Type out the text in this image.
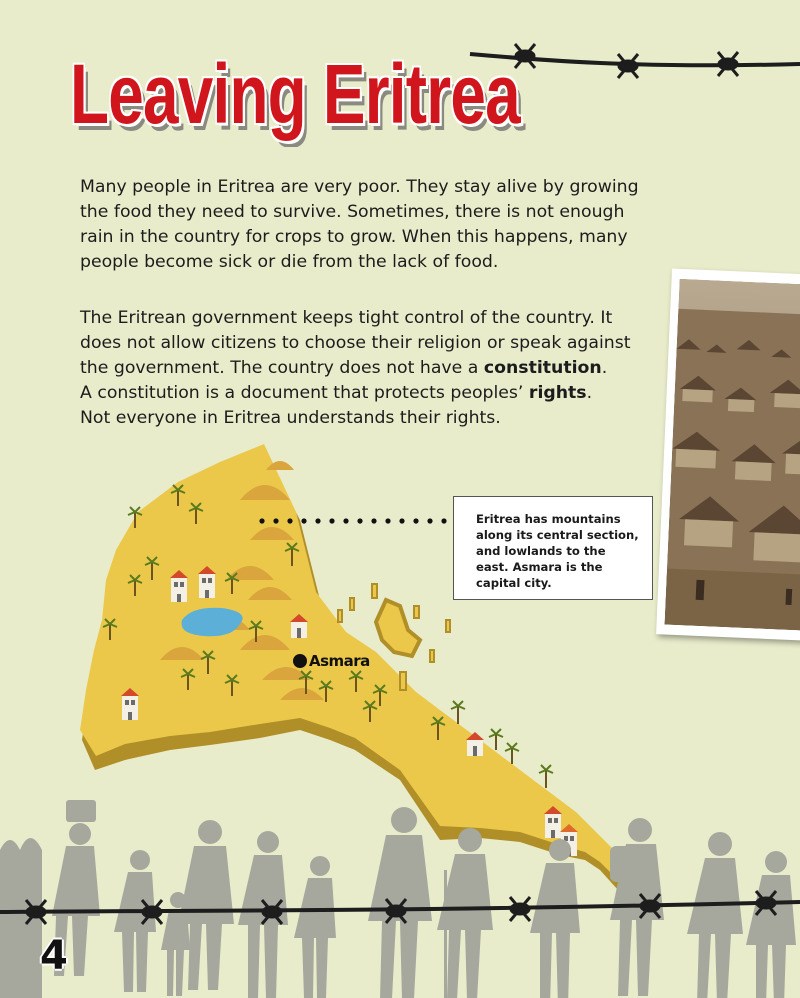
Leaving Eritrea

Many people in Eritrea are very poor. They stay alive by growing the food they need to survive. Sometimes, there is not enough rain in the country for crops to grow. When this happens, many people become sick or die from the lack of food.

The Eritrean government keeps tight control of the country. It
does not allow citizens to choose their religion or speak against
the government. The country does not have a constitution.
A constitution is a document that protects peoples’ rights.
Not everyone in Eritrea understands their rights.

Eritrea has mountains along its central section, and lowlands to the east. Asmara is the capital city.
Asmara
4
